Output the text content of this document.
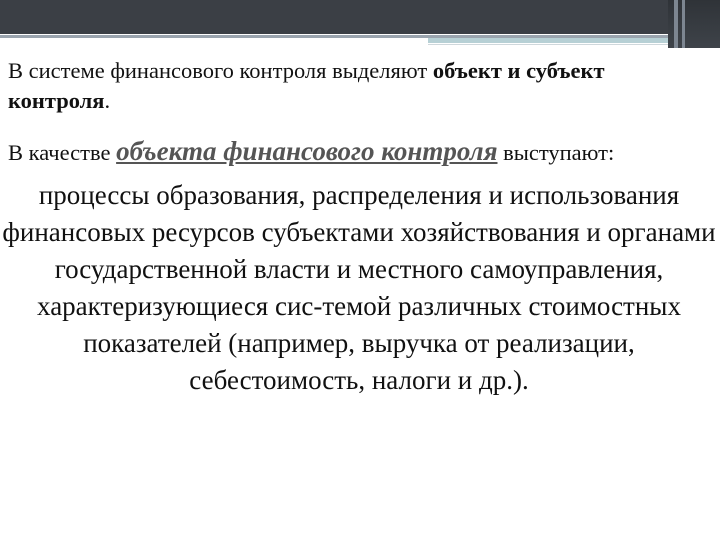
В системе финансового контроля выделяют объект и субъект контроля.

В качестве объекта финансового контроля выступают:

процессы образования, распределения и использования финансовых ресурсов субъектами хозяйствования и органами государственной власти и местного самоуправления, характеризующиеся сис-темой различных стоимостных показателей (например, выручка от реализации, себестоимость, налоги и др.).
